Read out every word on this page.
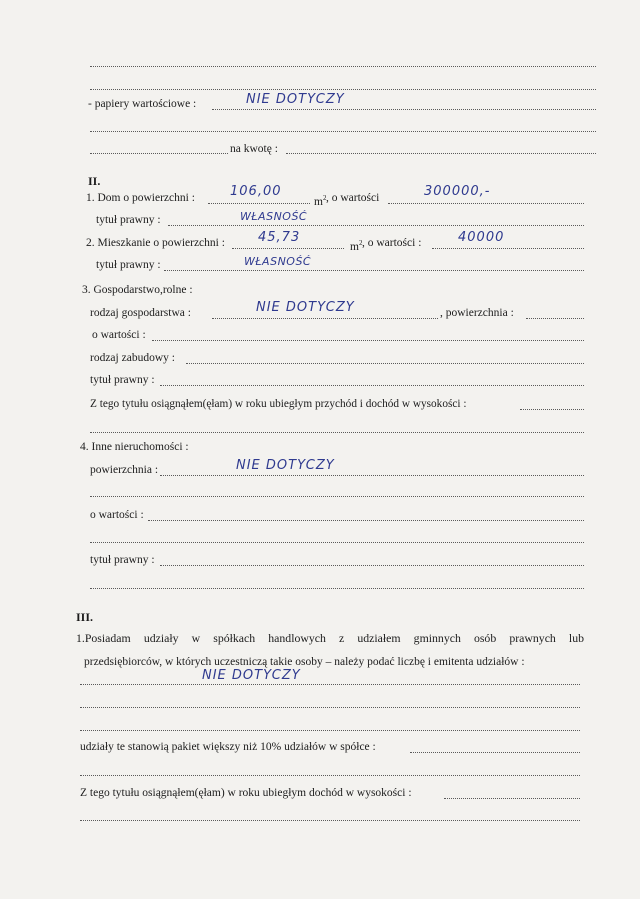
- papiery wartościowe :	NIE DOTYCZY
na kwotę :
II.
1. Dom o powierzchni :	106,00
$m^2$ , o wartości	300000,-
tytuł prawny :	WŁASNOŚĆ
2. Mieszkanie o powierzchni :	45,73
$m^2$ , o wartości :	40000
tytuł prawny :	WŁASNOŚĆ
3. Gospodarstwo,rolne :
rodzaj gospodarstwa :	NIE DOTYCZY	, powierzchnia :
o wartości :
rodzaj zabudowy :
tytuł prawny :
Z tego tytułu osiągnąłem(ęłam) w roku ubiegłym przychód i dochód w wysokości :
4. Inne nieruchomości :
powierzchnia :	NIE DOTYCZY
o wartości :
tytuł prawny :
III.
1.Posiadam udziały w spółkach handlowych z udziałem gminnych osób prawnych lub
przedsiębiorców, w których uczestniczą takie osoby – należy podać liczbę i emitenta udziałów :
NIE DOTYCZY
udziały te stanowią pakiet większy niż 10% udziałów w spółce :
Z tego tytułu osiągnąłem(ęłam) w roku ubiegłym dochód w wysokości :
